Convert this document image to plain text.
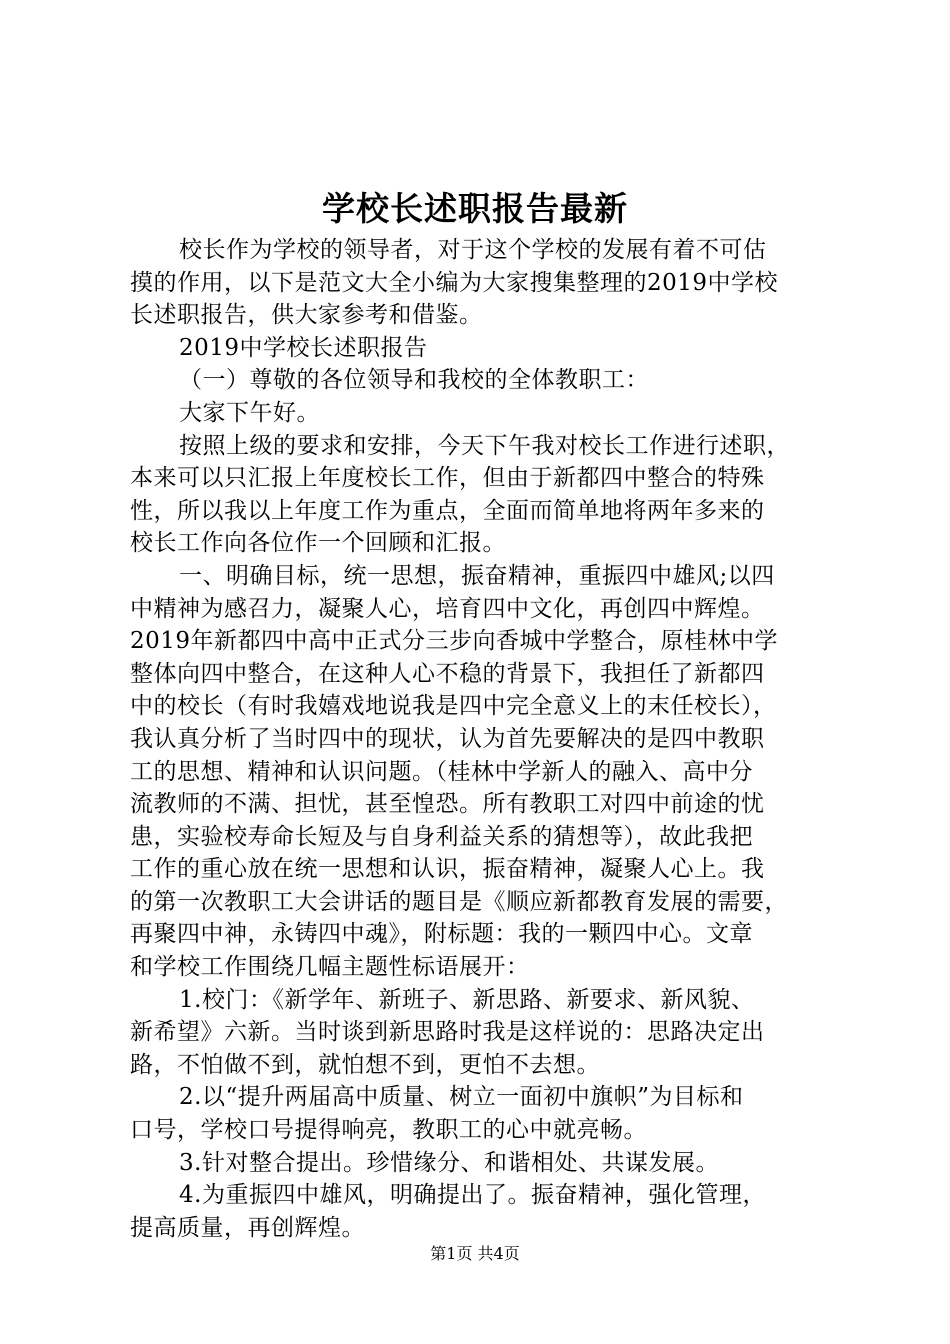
学校长述职报告最新
校长作为学校的领导者，对于这个学校的发展有着不可估
摸的作用，以下是范文大全小编为大家搜集整理的2019中学校
长述职报告，供大家参考和借鉴。
2019中学校长述职报告
（一）尊敬的各位领导和我校的全体教职工：
大家下午好。
按照上级的要求和安排，今天下午我对校长工作进行述职，
本来可以只汇报上年度校长工作，但由于新都四中整合的特殊
性，所以我以上年度工作为重点，全面而简单地将两年多来的
校长工作向各位作一个回顾和汇报。
一、明确目标，统一思想，振奋精神，重振四中雄风;以四
中精神为感召力，凝聚人心，培育四中文化，再创四中辉煌。
2019年新都四中高中正式分三步向香城中学整合，原桂林中学
整体向四中整合，在这种人心不稳的背景下，我担任了新都四
中的校长（有时我嬉戏地说我是四中完全意义上的末任校长），
我认真分析了当时四中的现状，认为首先要解决的是四中教职
工的思想、精神和认识问题。（桂林中学新人的融入、高中分
流教师的不满、担忧，甚至惶恐。所有教职工对四中前途的忧
患，实验校寿命长短及与自身利益关系的猜想等），故此我把
工作的重心放在统一思想和认识，振奋精神，凝聚人心上。我
的第一次教职工大会讲话的题目是《顺应新都教育发展的需要，
再聚四中神，永铸四中魂》，附标题：我的一颗四中心。文章
和学校工作围绕几幅主题性标语展开：
1.校门：《新学年、新班子、新思路、新要求、新风貌、
新希望》六新。当时谈到新思路时我是这样说的：思路决定出
路，不怕做不到，就怕想不到，更怕不去想。
2.以“提升两届高中质量、树立一面初中旗帜”为目标和
口号，学校口号提得响亮，教职工的心中就亮畅。
3.针对整合提出。珍惜缘分、和谐相处、共谋发展。
4.为重振四中雄风，明确提出了。振奋精神，强化管理，
提高质量，再创辉煌。
第1页 共4页
